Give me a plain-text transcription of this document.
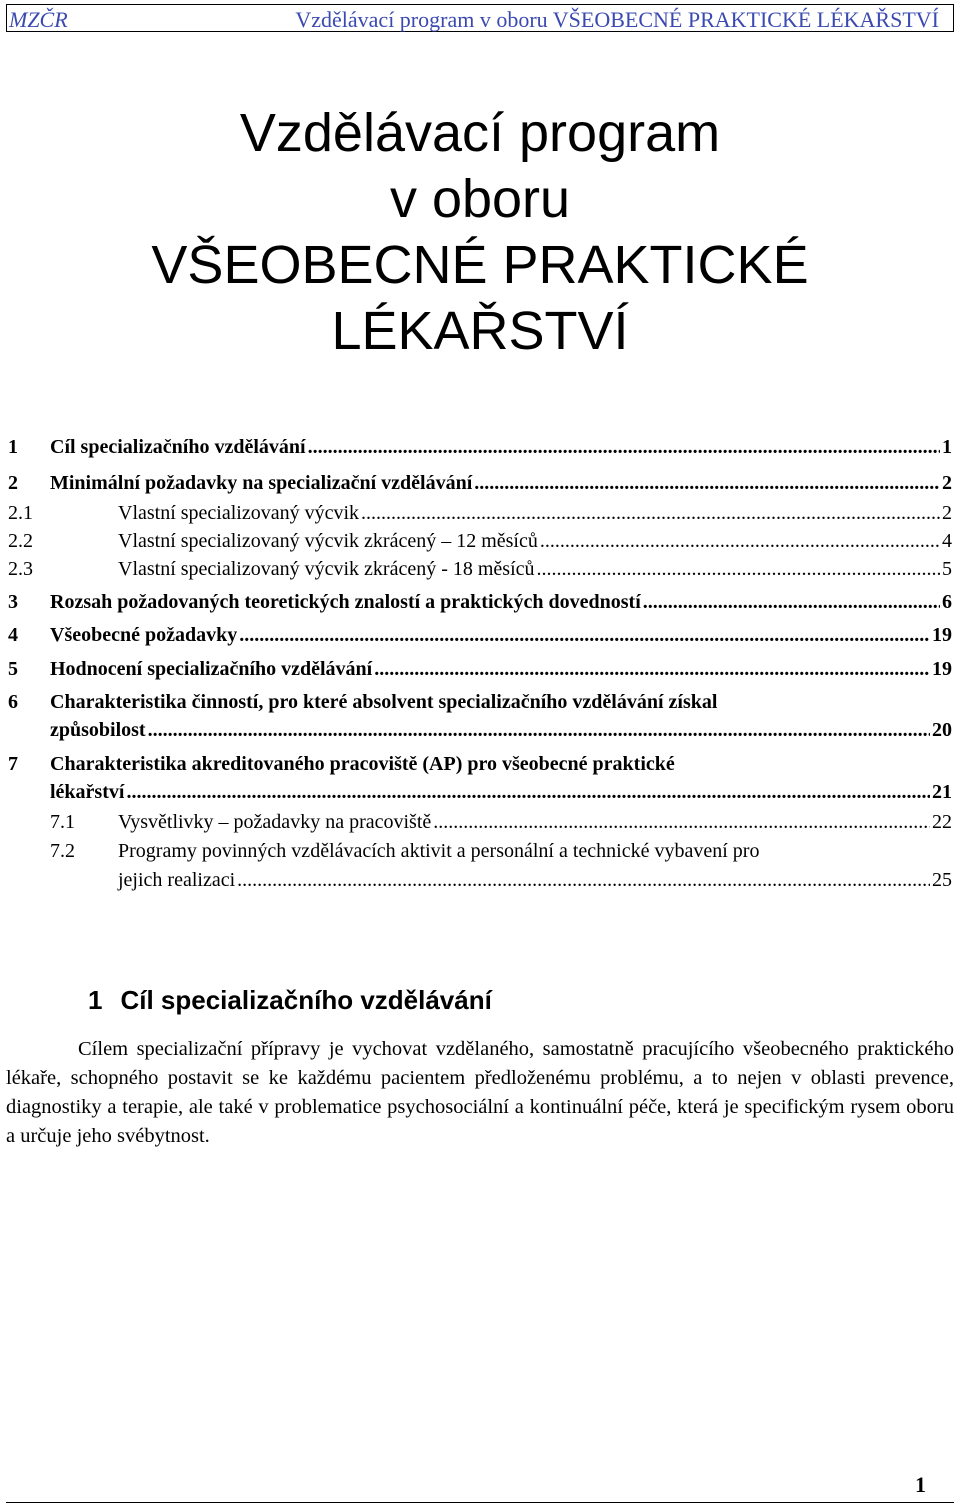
MZČR	Vzdělávací program v oboru VŠEOBECNÉ PRAKTICKÉ LÉKAŘSTVÍ
Vzdělávací program
v oboru
VŠEOBECNÉ PRAKTICKÉ
LÉKAŘSTVÍ
1	Cíl specializačního vzdělávání .....	1
2	Minimální požadavky na specializační vzdělávání .....	2
2.1	Vlastní specializovaný výcvik .....	2
2.2	Vlastní specializovaný výcvik zkrácený – 12 měsíců .....	4
2.3	Vlastní specializovaný výcvik zkrácený - 18 měsíců .....	5
3	Rozsah požadovaných teoretických znalostí a praktických dovedností .....	6
4	Všeobecné požadavky .....	19
5	Hodnocení specializačního vzdělávání .....	19
6	Charakteristika činností, pro které absolvent specializačního vzdělávání získal
způsobilost .....	20
7	Charakteristika akreditovaného pracoviště (AP) pro všeobecné praktické
lékařství .....	21
7.1	Vysvětlivky – požadavky na pracoviště .....	22
7.2	Programy povinných vzdělávacích aktivit a personální a technické vybavení pro
jejich realizaci .....	25
1 Cíl specializačního vzdělávání
Cílem specializační přípravy je vychovat vzdělaného, samostatně pracujícího všeobecného praktického lékaře, schopného postavit se ke každému pacientem předloženému problému, a to nejen v oblasti prevence, diagnostiky a terapie, ale také v problematice psychosociální a kontinuální péče, která je specifickým rysem oboru a určuje jeho svébytnost.
1
